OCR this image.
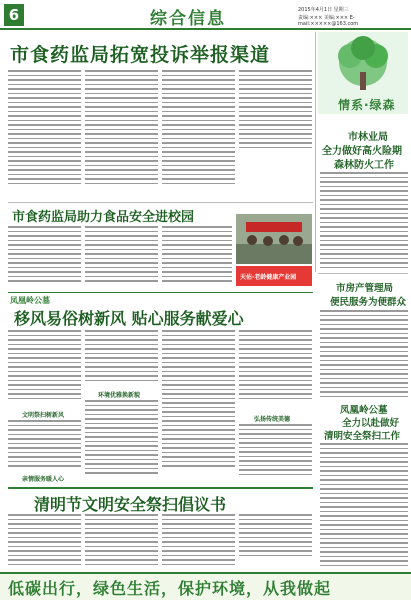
6	综合信息	2015年4月1日 星期三
责编:××× 美编:××× E-mail:×××××@163.com
市食药监局拓宽投诉举报渠道
情系·绿森
市林业局
全力做好高火险期
森林防火工作
市食药监局助力食品安全进校园
天佑·老龄健康产业园
市房产管理局
便民服务为便群众
凤凰岭公墓
全力以赴做好
清明安全祭扫工作
凤凰岭公墓
移风易俗树新风 贴心服务献爱心
文明祭扫树新风
亲情服务暖人心
环境优雅换新貌
弘扬传统美德
清明节文明安全祭扫倡议书
低碳出行，绿色生活，保护环境，从我做起
